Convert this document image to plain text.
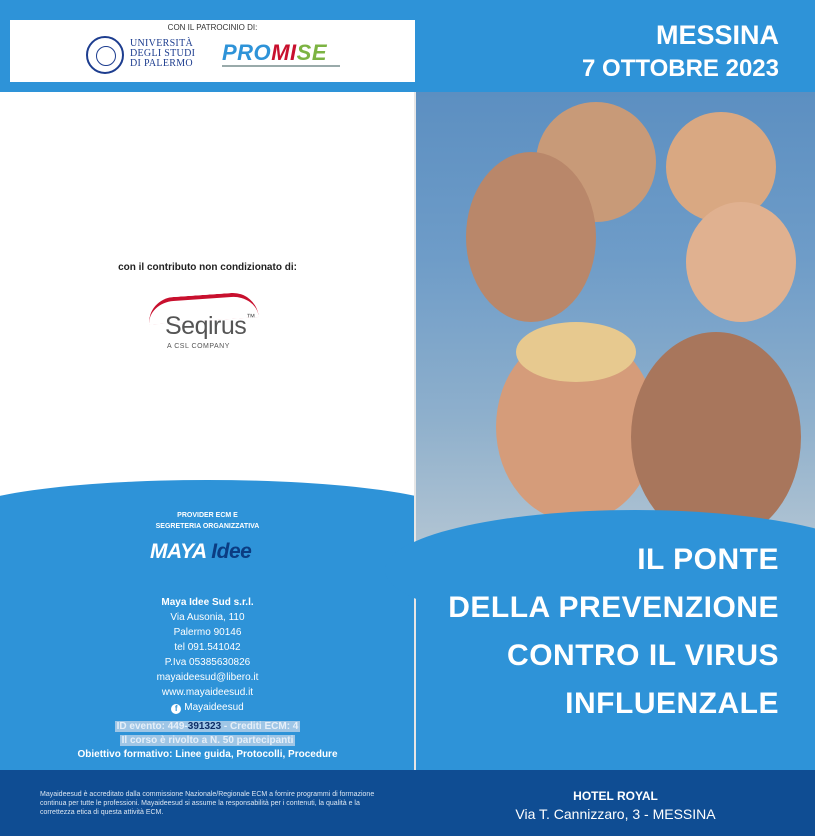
CON IL PATROCINIO DI:
UNIVERSITÀ
DEGLI STUDI
DI PALERMO PROMISE
con il contributo non condizionato di:
Seqirus™
A CSL COMPANY
PROVIDER ECM E
SEGRETERIA ORGANIZZATIVA
MAYA Idee
Maya Idee Sud s.r.l.
Via Ausonia, 110
Palermo 90146
tel 091.541042
P.Iva 05385630826
mayaideesud@libero.it
www.mayaideesud.it
f Mayaideesud
ID evento: 449-391323 - Crediti ECM: 4
Il corso è rivolto a N. 50 partecipanti
Obiettivo formativo: Linee guida, Protocolli, Procedure
MESSINA
7 OTTOBRE 2023
IL PONTE
DELLA PREVENZIONE
CONTRO IL VIRUS
INFLUENZALE
Mayaideesud è accreditato dalla commissione Nazionale/Regionale ECM a fornire programmi di formazione continua per tutte le professioni. Mayaideesud si assume la responsabilità per i contenuti, la qualità e la correttezza etica di questa attività ECM.
HOTEL ROYAL
Via T. Cannizzaro, 3 - MESSINA
